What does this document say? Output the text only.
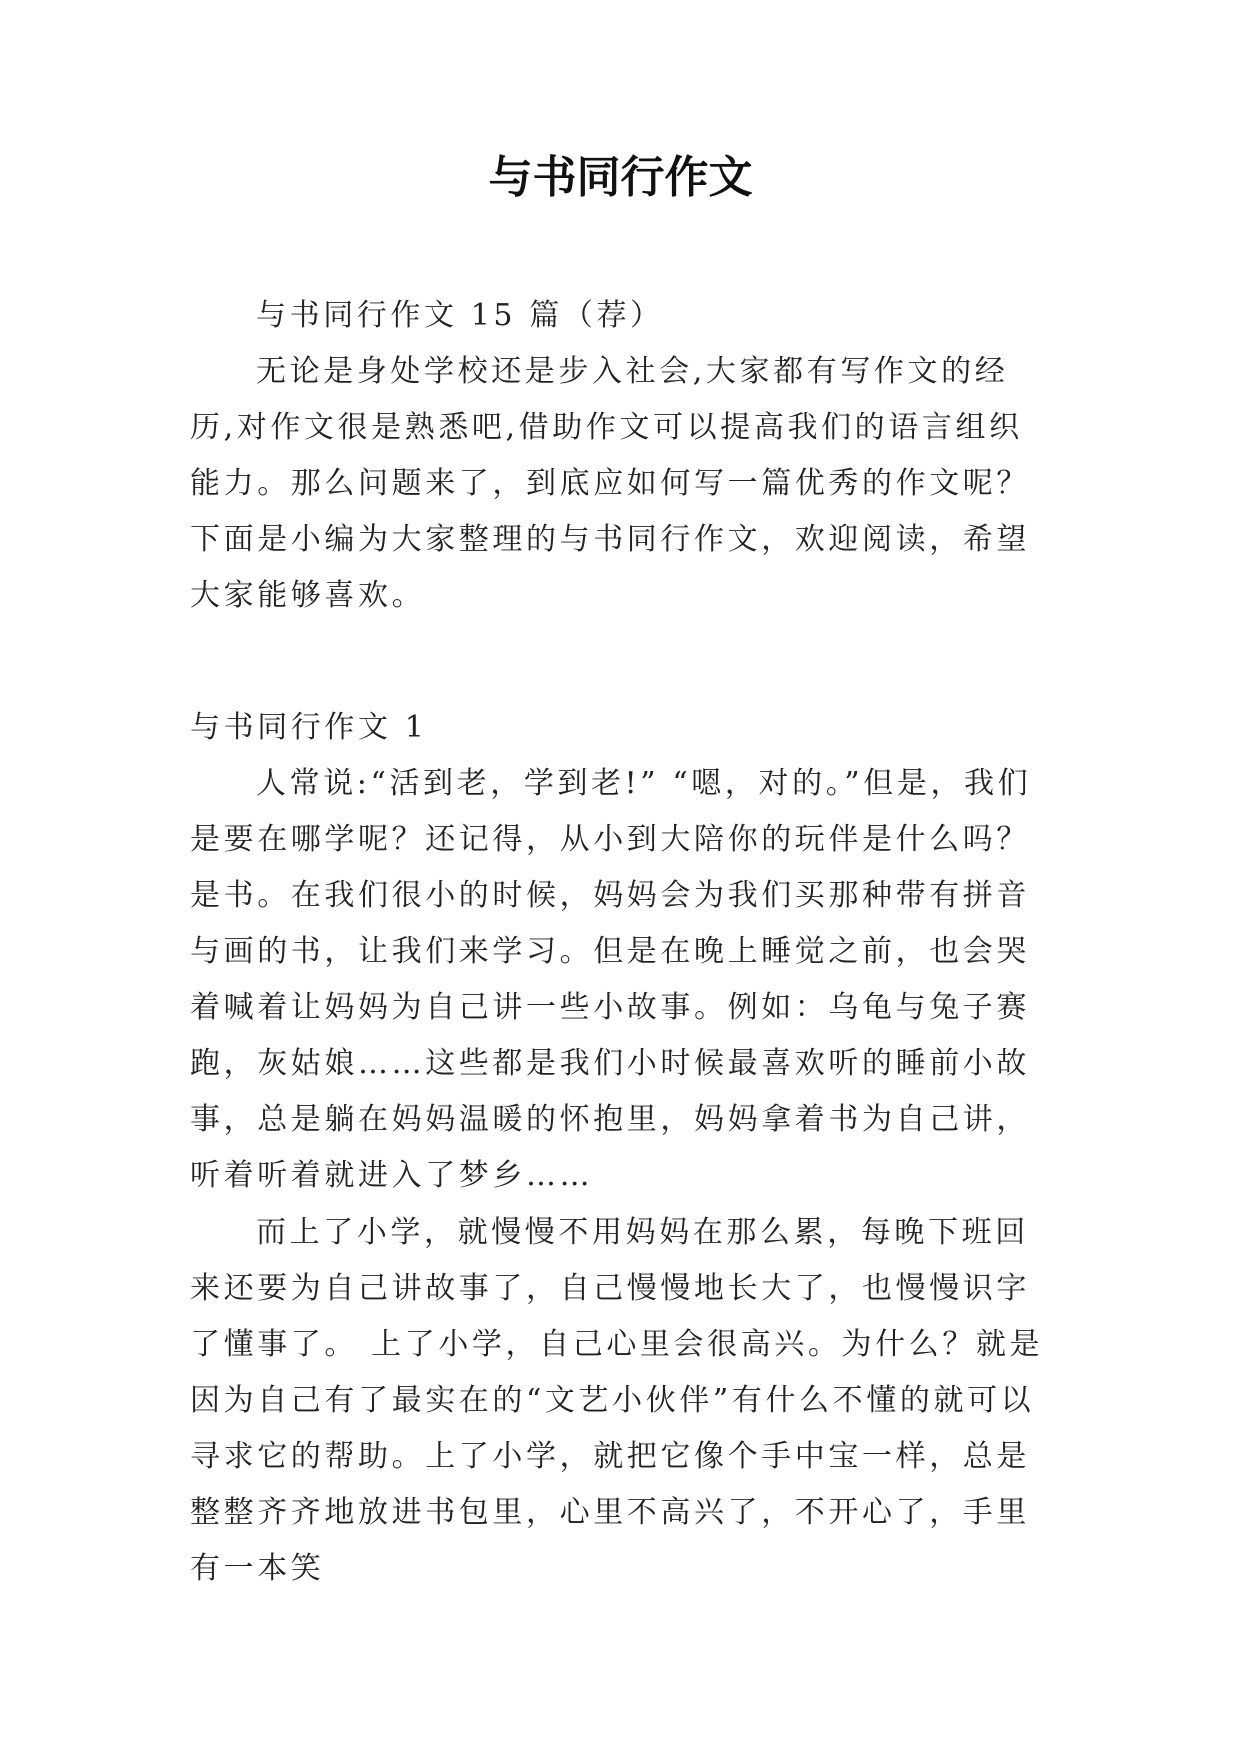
与书同行作文

与书同行作文 15 篇（荐）

无论是身处学校还是步入社会,大家都有写作文的经历,对作文很是熟悉吧,借助作文可以提高我们的语言组织能力。那么问题来了，到底应如何写一篇优秀的作文呢？下面是小编为大家整理的与书同行作文，欢迎阅读，希望大家能够喜欢。

与书同行作文 1

人常说:“活到老，学到老!” “嗯，对的。”但是，我们是要在哪学呢？还记得，从小到大陪你的玩伴是什么吗？是书。在我们很小的时候，妈妈会为我们买那种带有拼音与画的书，让我们来学习。但是在晚上睡觉之前，也会哭着喊着让妈妈为自己讲一些小故事。例如：乌龟与兔子赛跑，灰姑娘……这些都是我们小时候最喜欢听的睡前小故事，总是躺在妈妈温暖的怀抱里，妈妈拿着书为自己讲，听着听着就进入了梦乡……

而上了小学，就慢慢不用妈妈在那么累，每晚下班回来还要为自己讲故事了，自己慢慢地长大了，也慢慢识字了懂事了。 上了小学，自己心里会很高兴。为什么？就是因为自己有了最实在的“文艺小伙伴”有什么不懂的就可以寻求它的帮助。上了小学，就把它像个手中宝一样，总是整整齐齐地放进书包里，心里不高兴了，不开心了，手里有一本笑
